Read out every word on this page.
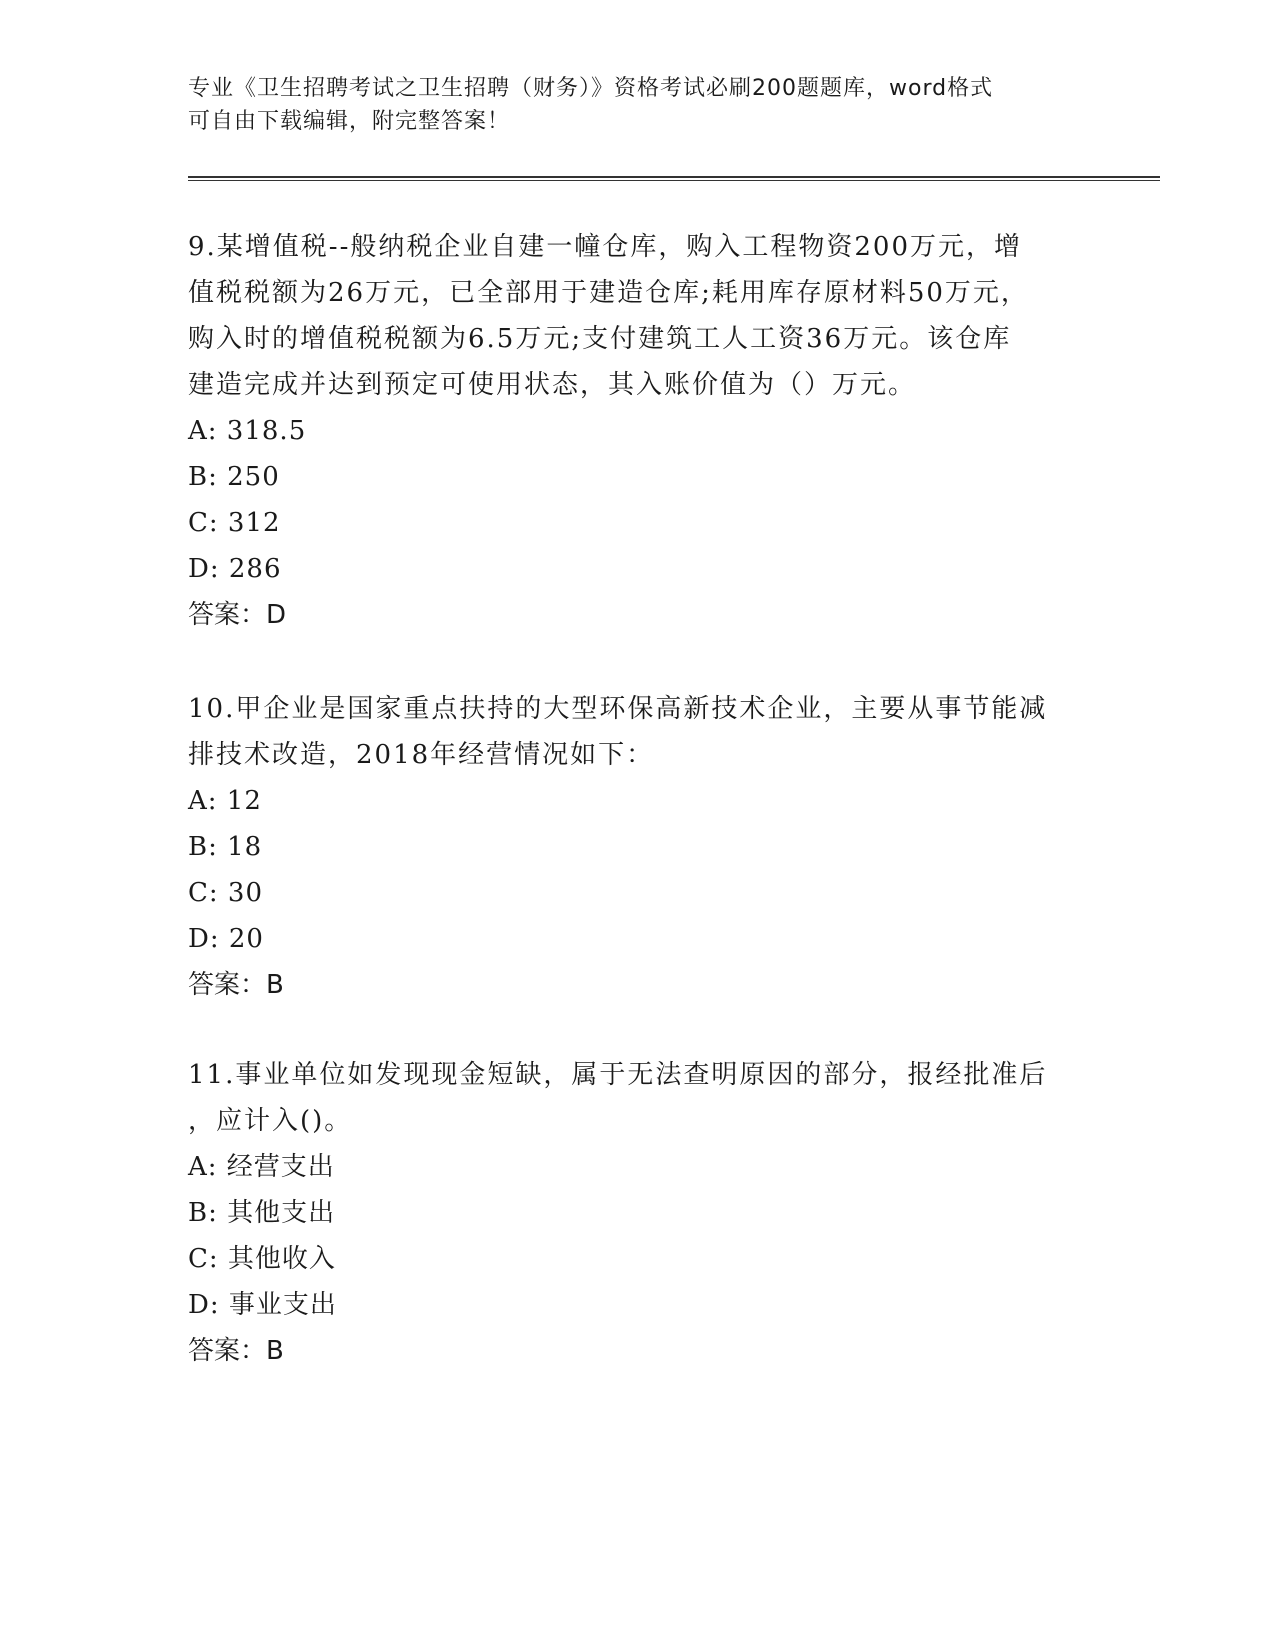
专业《卫生招聘考试之卫生招聘（财务）》资格考试必刷200题题库，word格式
可自由下载编辑，附完整答案！
9.某增值税--般纳税企业自建一幢仓库，购入工程物资200万元，增
值税税额为26万元，已全部用于建造仓库;耗用库存原材料50万元，
购入时的增值税税额为6.5万元;支付建筑工人工资36万元。该仓库
建造完成并达到预定可使用状态，其入账价值为（）万元。
A: 318.5
B: 250
C: 312
D: 286
答案：D
10.甲企业是国家重点扶持的大型环保高新技术企业，主要从事节能减
排技术改造，2018年经营情况如下：
A: 12
B: 18
C: 30
D: 20
答案：B
11.事业单位如发现现金短缺，属于无法查明原因的部分，报经批准后
，应计入()。
A: 经营支出
B: 其他支出
C: 其他收入
D: 事业支出
答案：B
